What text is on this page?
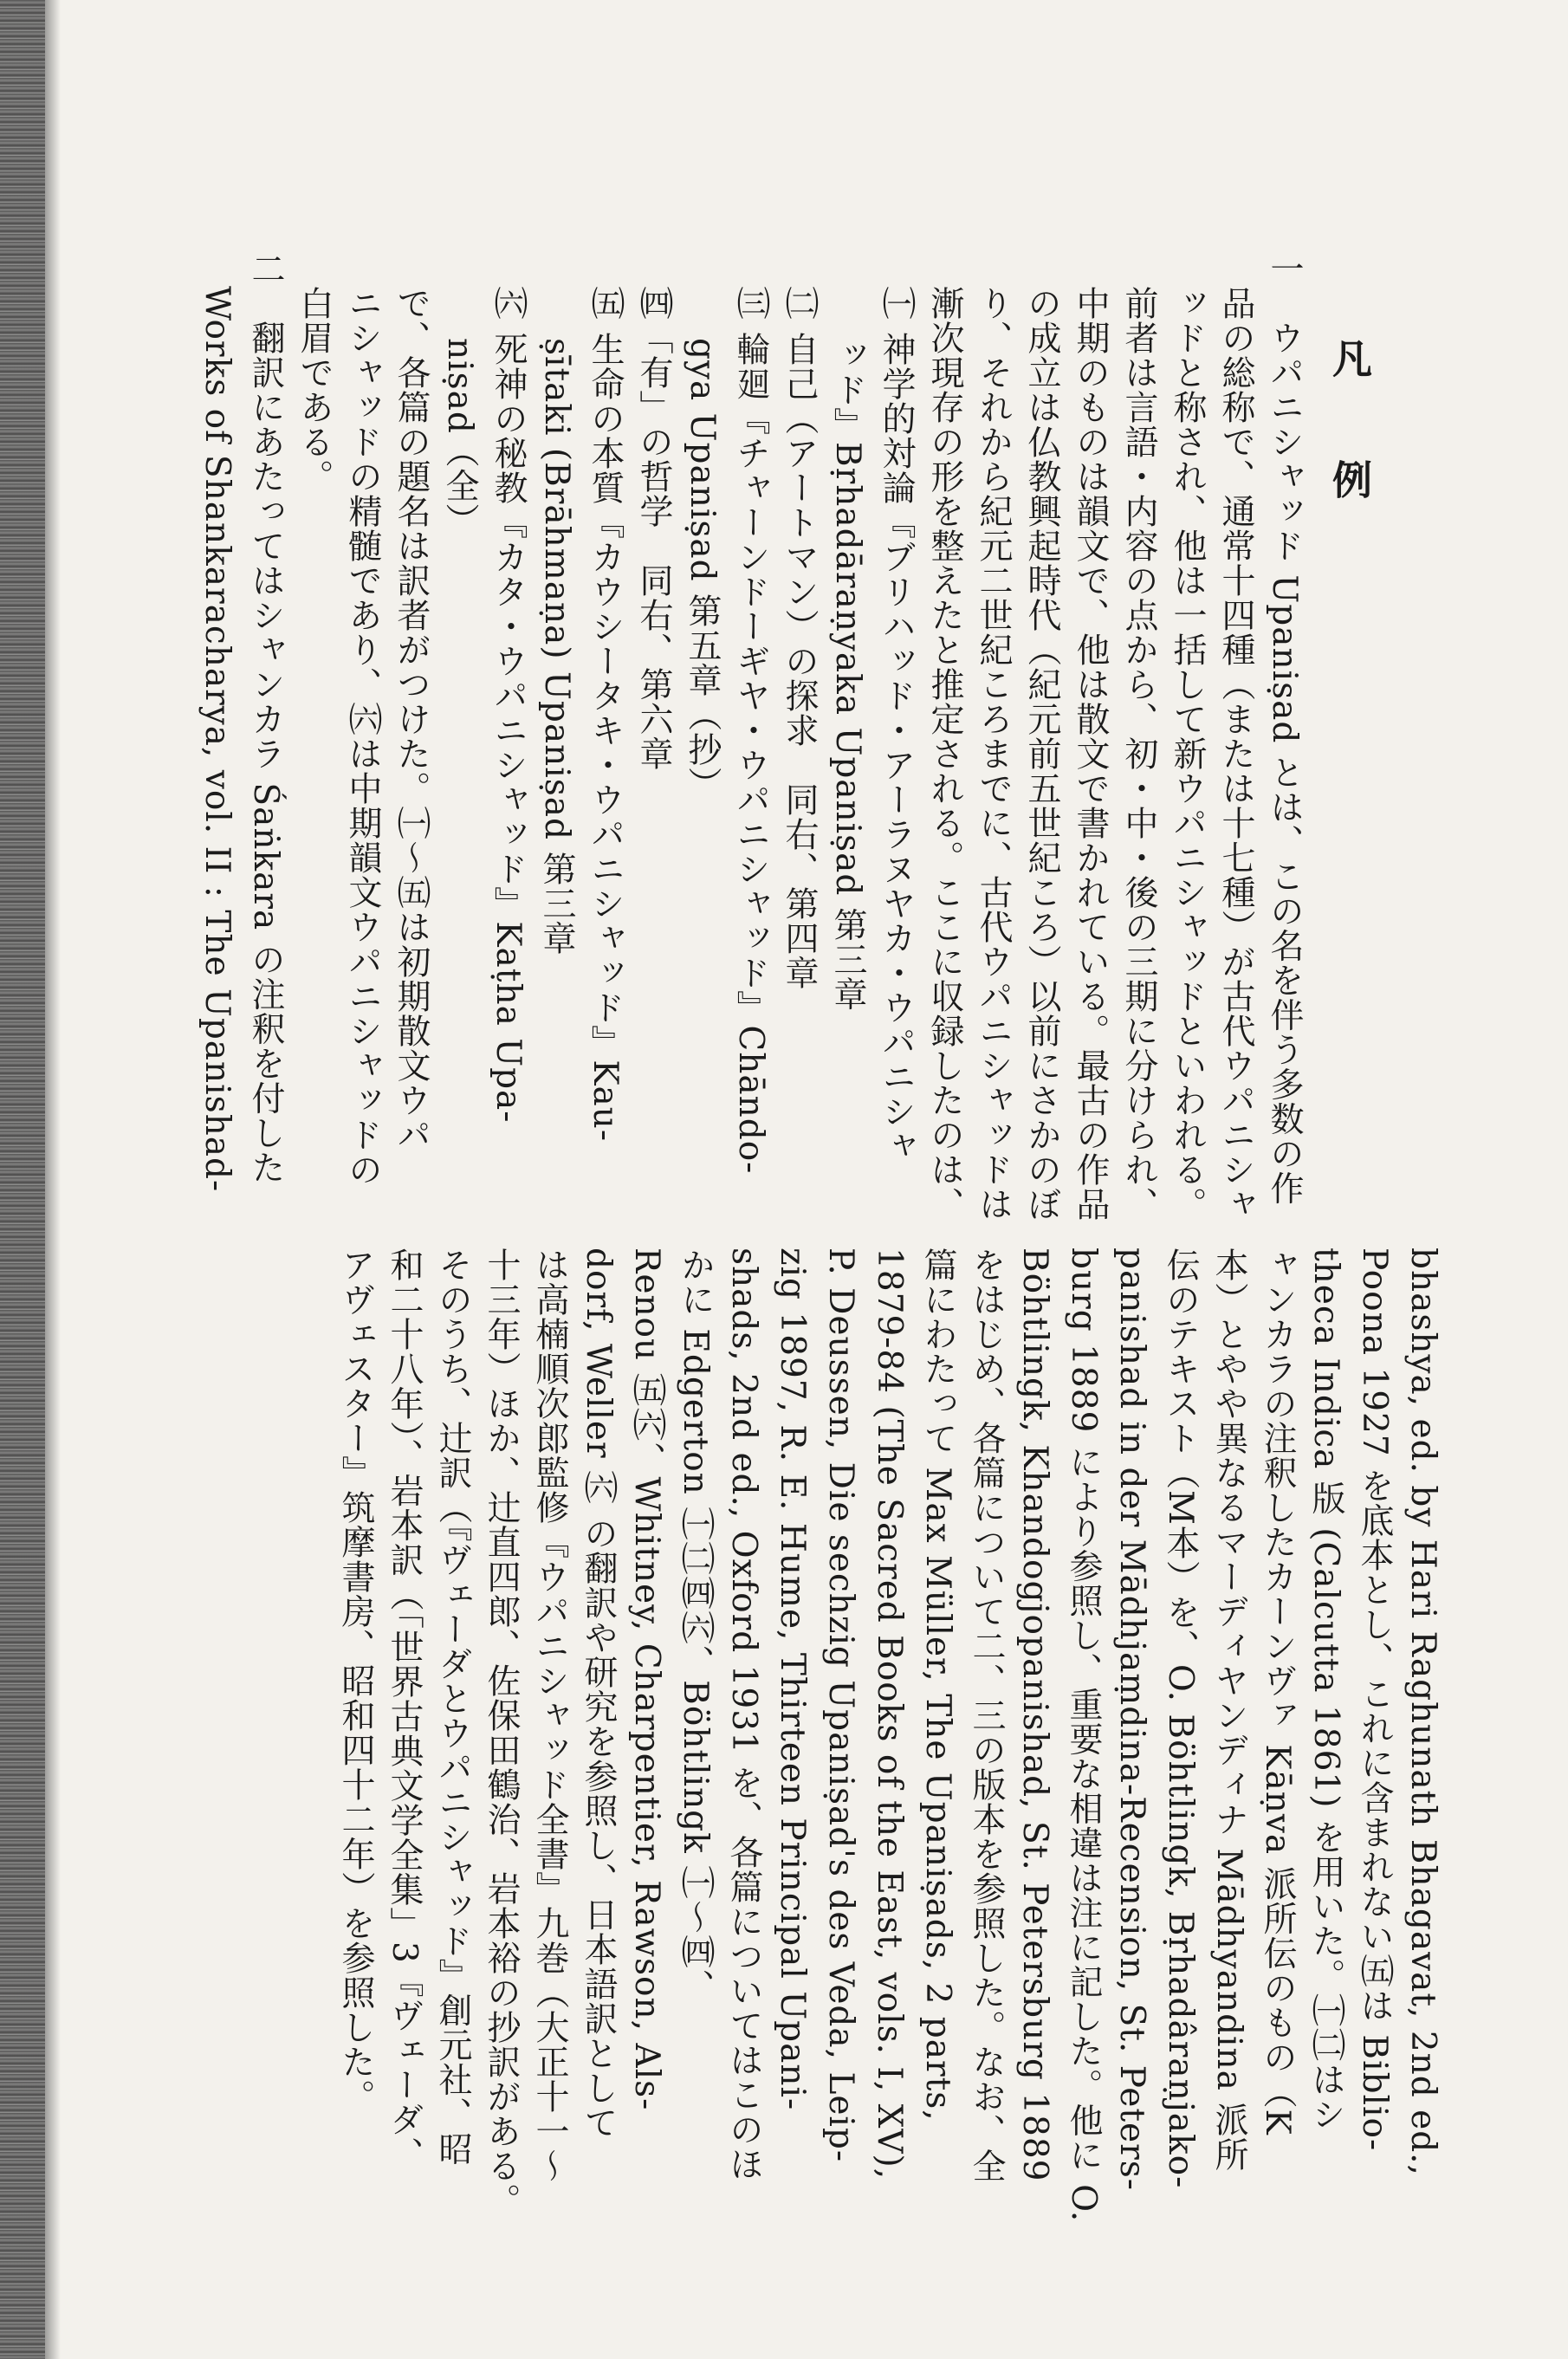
凡　例
一　ウパニシャッド Upaniṣad とは、この名を伴う多数の作
品の総称で、通常十四種（または十七種）が古代ウパニシャ
ッドと称され、他は一括して新ウパニシャッドといわれる。
前者は言語・内容の点から、初・中・後の三期に分けられ、
中期のものは韻文で、他は散文で書かれている。最古の作品
の成立は仏教興起時代（紀元前五世紀ころ）以前にさかのぼ
り、それから紀元二世紀ころまでに、古代ウパニシャッドは
漸次現存の形を整えたと推定される。ここに収録したのは、
㈠ 神学的対論『ブリハッド・アーラヌヤカ・ウパニシャ
ッド』Bṛhadāraṇyaka Upaniṣad 第三章
㈡ 自己（アートマン）の探求　同右、第四章
㈢ 輪廻『チャーンドーギヤ・ウパニシャッド』Chāndo-
gya Upaniṣad 第五章（抄）
㈣「有」の哲学　同右、第六章
㈤ 生命の本質『カウシータキ・ウパニシャッド』Kau-
ṣītaki (Brāhmaṇa) Upaniṣad 第三章
㈥ 死神の秘教『カタ・ウパニシャッド』Kaṭha Upa-
niṣad（全）
で、各篇の題名は訳者がつけた。㈠〜㈤は初期散文ウパ
ニシャッドの精髄であり、㈥は中期韻文ウパニシャッドの
白眉である。
二　翻訳にあたってはシャンカラ Śaṅkara の注釈を付した
Works of Shankaracharya, vol. II : The Upanishad-
bhashya, ed. by Hari Raghunath Bhagavat, 2nd ed.,
Poona 1927 を底本とし、これに含まれない㈤は Biblio-
theca Indica 版 (Calcutta 1861) を用いた。㈠㈡はシ
ャンカラの注釈したカーンヴァ Kāṇva 派所伝のもの（K
本）とやや異なるマーディヤンディナ Mādhyandina 派所
伝のテキスト（M本）を、O. Böhtlingk, Bṛhadâraṇjako-
panishad in der Mādhjaṃdina-Recension, St. Peters-
burg 1889 により参照し、重要な相違は注に記した。他に O.
Böhtlingk, Khandogjopanishad, St. Petersburg 1889
をはじめ、各篇について二、三の版本を参照した。なお、全
篇にわたって Max Müller, The Upaniṣads, 2 parts,
1879-84 (The Sacred Books of the East, vols. I, XV),
P. Deussen, Die sechzig Upaniṣad's des Veda, Leip-
zig 1897, R. E. Hume, Thirteen Principal Upani-
shads, 2nd ed., Oxford 1931 を、各篇についてはこのほ
かに Edgerton ㈠㈡㈣㈥、Böhtlingk ㈠〜㈣、
Renou ㈤㈥、Whitney, Charpentier, Rawson, Als-
dorf, Weller ㈥ の翻訳や研究を参照し、日本語訳として
は高楠順次郎監修『ウパニシャッド全書』九巻（大正十一〜
十三年）ほか、辻直四郎、佐保田鶴治、岩本裕の抄訳がある。
そのうち、辻訳（『ヴェーダとウパニシャッド』創元社、昭
和二十八年）、岩本訳（「世界古典文学全集」3『ヴェーダ、
アヴェスター』筑摩書房、昭和四十二年）を参照した。
